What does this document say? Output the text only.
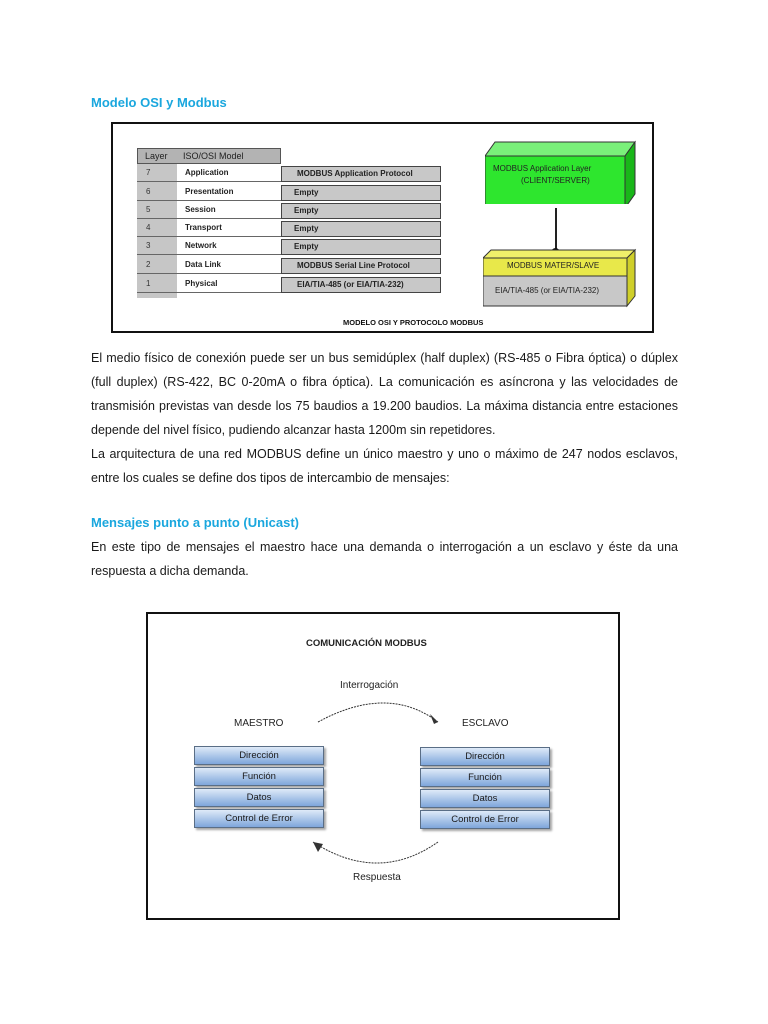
Modelo OSI y Modbus
Layer ISO/OSI Model
7	Application	MODBUS Application Protocol
6	Presentation	Empty
5	Session	Empty
4	Transport	Empty
3	Network	Empty
2	Data Link	MODBUS Serial Line Protocol
1	Physical	EIA/TIA-485 (or EIA/TIA-232)
MODBUS Application Layer
(CLIENT/SERVER)
MODBUS MATER/SLAVE
EIA/TIA-485 (or EIA/TIA-232)
MODELO OSI Y PROTOCOLO MODBUS

El medio físico de conexión puede ser un bus semidúplex (half duplex) (RS-485 o Fibra óptica) o dúplex (full duplex) (RS-422, BC 0-20mA o fibra óptica). La comunicación es asíncrona y las velocidades de transmisión previstas van desde los 75 baudios a 19.200 baudios. La máxima distancia entre estaciones depende del nivel físico, pudiendo alcanzar hasta 1200m sin repetidores.

La arquitectura de una red MODBUS define un único maestro y uno o máximo de 247 nodos esclavos, entre los cuales se define dos tipos de intercambio de mensajes:

Mensajes punto a punto (Unicast)

En este tipo de mensajes el maestro hace una demanda o interrogación a un esclavo y éste da una respuesta a dicha demanda.

COMUNICACIÓN MODBUS
Interrogación
MAESTRO	ESCLAVO
Dirección
Función
Datos
Control de Error
Dirección
Función
Datos
Control de Error
Respuesta
